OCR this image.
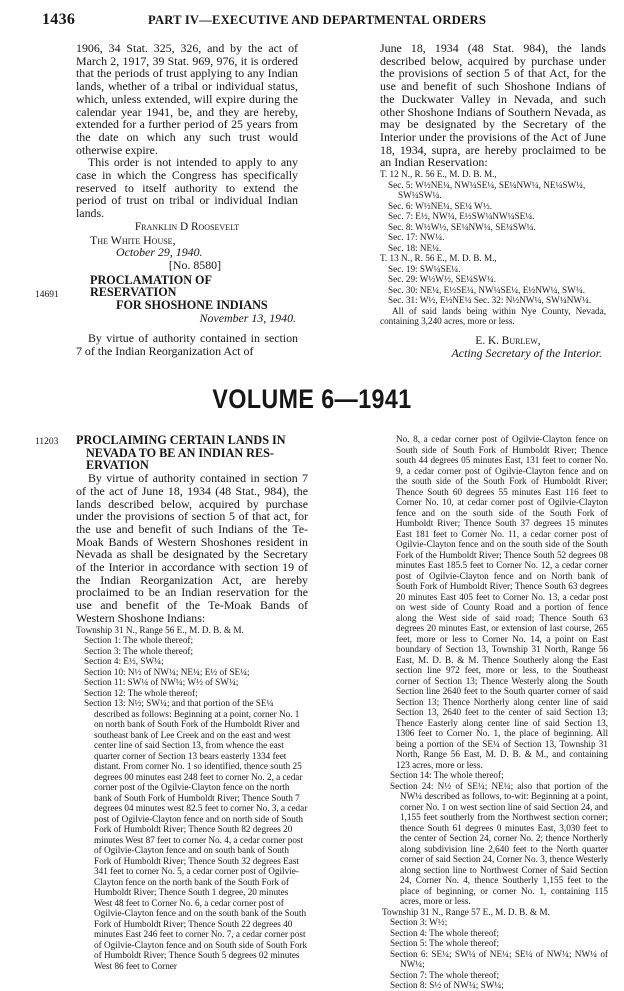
1436	PART IV—EXECUTIVE AND DEPARTMENTAL ORDERS

1906, 34 Stat. 325, 326, and by the act of March 2, 1917, 39 Stat. 969, 976, it is ordered that the periods of trust applying to any Indian lands, whether of a tribal or individual status, which, unless extended, will expire during the calendar year 1941, be, and they are hereby, extended for a further period of 25 years from the date on which any such trust would otherwise expire.

This order is not intended to apply to any case in which the Congress has specifically reserved to itself authority to extend the period of trust on tribal or individual Indian lands.

Franklin D Roosevelt

The White House,

October 29, 1940.

[No. 8580]

PROCLAMATION OF RESERVATION

FOR SHOSHONE INDIANS

November 13, 1940.

By virtue of authority contained in section 7 of the Indian Reorganization Act of

14691

June 18, 1934 (48 Stat. 984), the lands described below, acquired by purchase under the provisions of section 5 of that Act, for the use and benefit of such Shoshone Indians of the Duckwater Valley in Nevada, and such other Shoshone Indians of Southern Nevada, as may be designated by the Secretary of the Interior under the provisions of the Act of June 18, 1934, supra, are hereby proclaimed to be an Indian Reservation:

T. 12 N., R. 56 E., M. D. B. M.,

Sec. 5: W½NE¼, NW¼SE¼, SE¼NW¼, NE¼SW¼, SW¼SW¼.

Sec. 6: W½NE¼, SE¼ W½.

Sec. 7: E½, NW¼, E½SW¼NW¼SE¼.

Sec. 8: W½W½, SE¼NW¼, SE¼SW¼.

Sec. 17: NW¼.

Sec. 18: NE¼.

T. 13 N., R. 56 E., M. D. B. M.,

Sec. 19: SW¼SE¼.

Sec. 29: W½W½, SE¼SW¼.

Sec. 30: NE¼, E½SE¼, NW¼SE¼, E½NW¼, SW¼.

Sec. 31: W½, E½NE¼ Sec. 32: N½NW¼, SW¼NW¼.

All of said lands being within Nye County, Nevada, containing 3,240 acres, more or less.

E. K. Burlew,

Acting Secretary of the Interior.

VOLUME 6—1941
11203 PROCLAIMING CERTAIN LANDS IN

NEVADA TO BE AN INDIAN RES-

ERVATION

By virtue of authority contained in section 7 of the act of June 18, 1934 (48 Stat., 984), the lands described below, acquired by purchase under the provisions of section 5 of that act, for the use and benefit of such Indians of the Te-Moak Bands of Western Shoshones resident in Nevada as shall be designated by the Secretary of the Interior in accordance with section 19 of the Indian Reorganization Act, are hereby proclaimed to be an Indian reservation for the use and benefit of the Te-Moak Bands of Western Shoshone Indians:

Township 31 N., Range 56 E., M. D. B. & M.

Section 1: The whole thereof;

Section 3: The whole thereof;

Section 4: E½, SW¼;

Section 10: N½ of NW¼; NE¼; E½ of SE¼;

Section 11: SW¼ of NW¼; W½ of SW¼;

Section 12: The whole thereof;

Section 13: N½; SW¼; and that portion of the SE¼ described as follows: Beginning at a point, corner No. 1 on north bank of South Fork of the Humboldt River and southeast bank of Lee Creek and on the east and west center line of said Section 13, from whence the east quarter corner of Section 13 bears easterly 1334 feet distant. From corner No. 1 so identified, thence south 25 degrees 00 minutes east 248 feet to corner No. 2, a cedar corner post of the Ogilvie-Clayton fence on the north bank of South Fork of Humboldt River; Thence South 7 degrees 04 minutes west 82.5 feet to corner No. 3, a cedar post of Ogilvie-Clayton fence and on north side of South Fork of Humboldt River; Thence South 82 degrees 20 minutes West 87 feet to corner No. 4, a cedar corner post of Ogilvie-Clayton fence and on south bank of South Fork of Humboldt River; Thence South 32 degrees East 341 feet to corner No. 5, a cedar corner post of Ogilvie-Clayton fence on the north bank of the South Fork of Humboldt River; Thence South 1 degree, 20 minutes West 48 feet to Corner No. 6, a cedar corner post of Ogilvie-Clayton fence and on the south bank of the South Fork of Humboldt River; Thence South 22 degrees 40 minutes East 246 feet to corner No. 7, a cedar corner post of Ogilvie-Clayton fence and on South side of South Fork of Humboldt River; Thence South 5 degrees 02 minutes West 86 feet to Corner

No. 8, a cedar corner post of Ogilvie-Clayton fence on South side of South Fork of Humboldt River; Thence south 44 degrees 05 minutes East, 131 feet to corner No. 9, a cedar corner post of Ogilvie-Clayton fence and on the south side of the South Fork of Humboldt River; Thence South 60 degrees 55 minutes East 116 feet to Corner No. 10, at cedar corner post of Ogilvie-Clayton fence and on the south side of the South Fork of Humboldt River; Thence South 37 degrees 15 minutes East 181 feet to Corner No. 11, a cedar corner post of Ogilvie-Clayton fence and on the south side of the South Fork of the Humboldt River; Thence South 52 degrees 08 minutes East 185.5 feet to Corner No. 12, a cedar corner post of Ogilvie-Clayton fence and on North bank of South Fork of Humboldt River; Thence South 63 degrees 20 minutes East 405 feet to Corner No. 13, a cedar post on west side of County Road and a portion of fence along the West side of said road; Thence South 63 degrees 20 minutes East, or extension of last course, 265 feet, more or less to Corner No. 14, a point on East boundary of Section 13, Township 31 North, Range 56 East, M. D. B. & M. Thence Southerly along the East section line 972 feet, more or less, to the Southeast corner of Section 13; Thence Westerly along the South Section line 2640 feet to the South quarter corner of said Section 13; Thence Northerly along center line of said Section 13, 2640 feet to the center of said Section 13; Thence Easterly along center line of said Section 13, 1306 feet to Corner No. 1, the place of beginning. All being a portion of the SE¼ of Section 13, Township 31 North, Range 56 East, M. D. B. & M., and containing 123 acres, more or less.

Section 14: The whole thereof;

Section 24: N½ of SE¼; NE¼; also that portion of the NW¼ described as follows, to-wit: Beginning at a point, corner No. 1 on west section line of said Section 24, and 1,155 feet southerly from the Northwest section corner; thence South 61 degrees 0 minutes East, 3,030 feet to the center of Section 24, corner No. 2; thence Northerly along subdivision line 2,640 feet to the North quarter corner of said Section 24, Corner No. 3, thence Westerly along section line to Northwest Corner of Said Section 24, Corner No. 4, thence Southerly 1,155 feet to the place of beginning, or corner No. 1, containing 115 acres, more or less.

Township 31 N., Range 57 E., M. D. B. & M.

Section 3: W½;

Section 4: The whole thereof;

Section 5: The whole thereof;

Section 6: SE¼; SW¼ of NE¼; SE¼ of NW¼; NW¼ of NW¼;

Section 7: The whole thereof;

Section 8: S½ of NW¼; SW¼;
